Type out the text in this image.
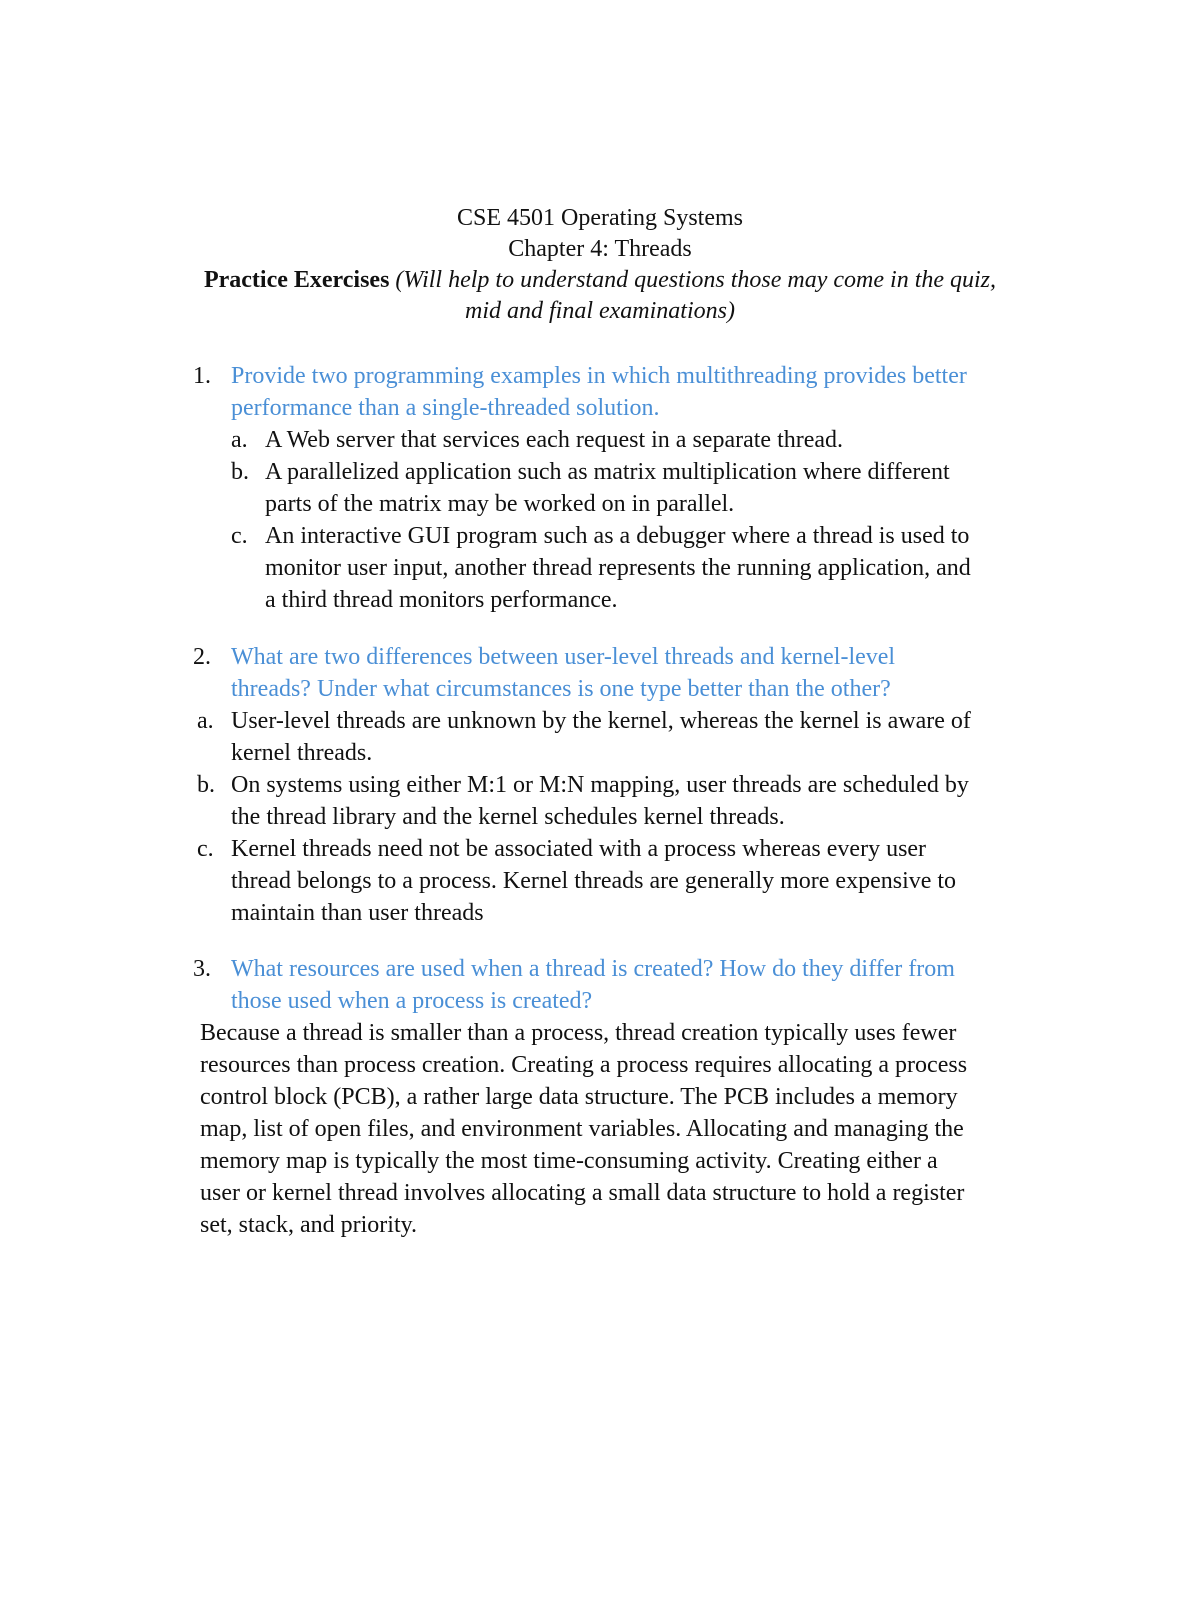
CSE 4501 Operating Systems
Chapter 4: Threads
Practice Exercises (Will help to understand questions those may come in the quiz,
mid and final examinations)
1. Provide two programming examples in which multithreading provides better
performance than a single-threaded solution.
a. A Web server that services each request in a separate thread.
b. A parallelized application such as matrix multiplication where different
parts of the matrix may be worked on in parallel.
c. An interactive GUI program such as a debugger where a thread is used to
monitor user input, another thread represents the running application, and
a third thread monitors performance.
2. What are two differences between user-level threads and kernel-level
threads? Under what circumstances is one type better than the other?
a. User-level threads are unknown by the kernel, whereas the kernel is aware of
kernel threads.
b. On systems using either M:1 or M:N mapping, user threads are scheduled by
the thread library and the kernel schedules kernel threads.
c. Kernel threads need not be associated with a process whereas every user
thread belongs to a process. Kernel threads are generally more expensive to
maintain than user threads
3. What resources are used when a thread is created? How do they differ from
those used when a process is created?
Because a thread is smaller than a process, thread creation typically uses fewer
resources than process creation. Creating a process requires allocating a process
control block (PCB), a rather large data structure. The PCB includes a memory
map, list of open files, and environment variables. Allocating and managing the
memory map is typically the most time-consuming activity. Creating either a
user or kernel thread involves allocating a small data structure to hold a register
set, stack, and priority.
